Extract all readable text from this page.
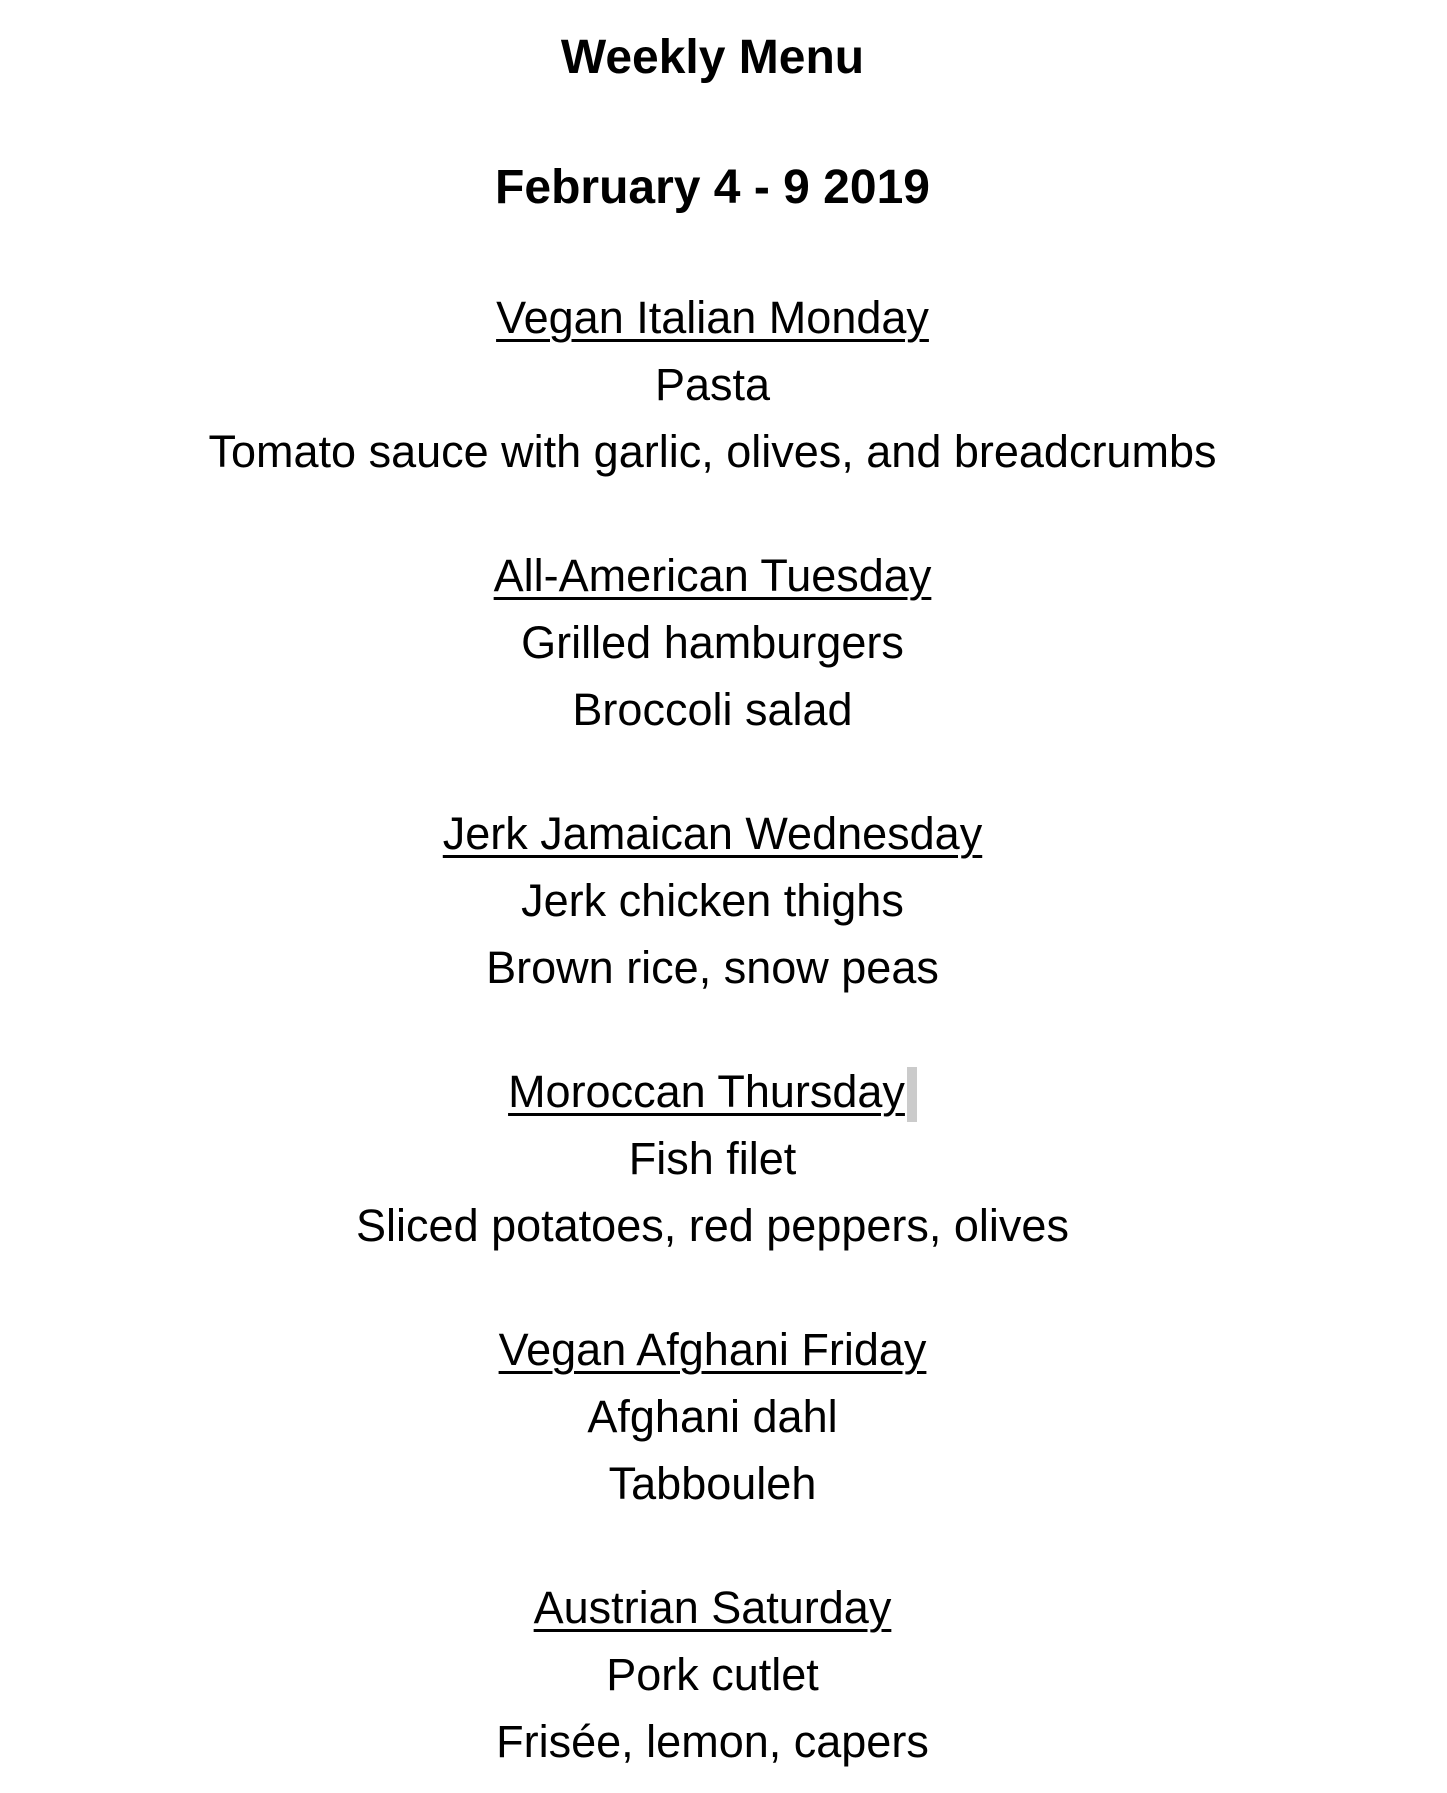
Weekly Menu
February 4 - 9 2019
Vegan Italian Monday
Pasta
Tomato sauce with garlic, olives, and breadcrumbs
All-American Tuesday
Grilled hamburgers
Broccoli salad
Jerk Jamaican Wednesday
Jerk chicken thighs
Brown rice, snow peas
Moroccan Thursday
Fish filet
Sliced potatoes, red peppers, olives
Vegan Afghani Friday
Afghani dahl
Tabbouleh
Austrian Saturday
Pork cutlet
Frisée, lemon, capers
